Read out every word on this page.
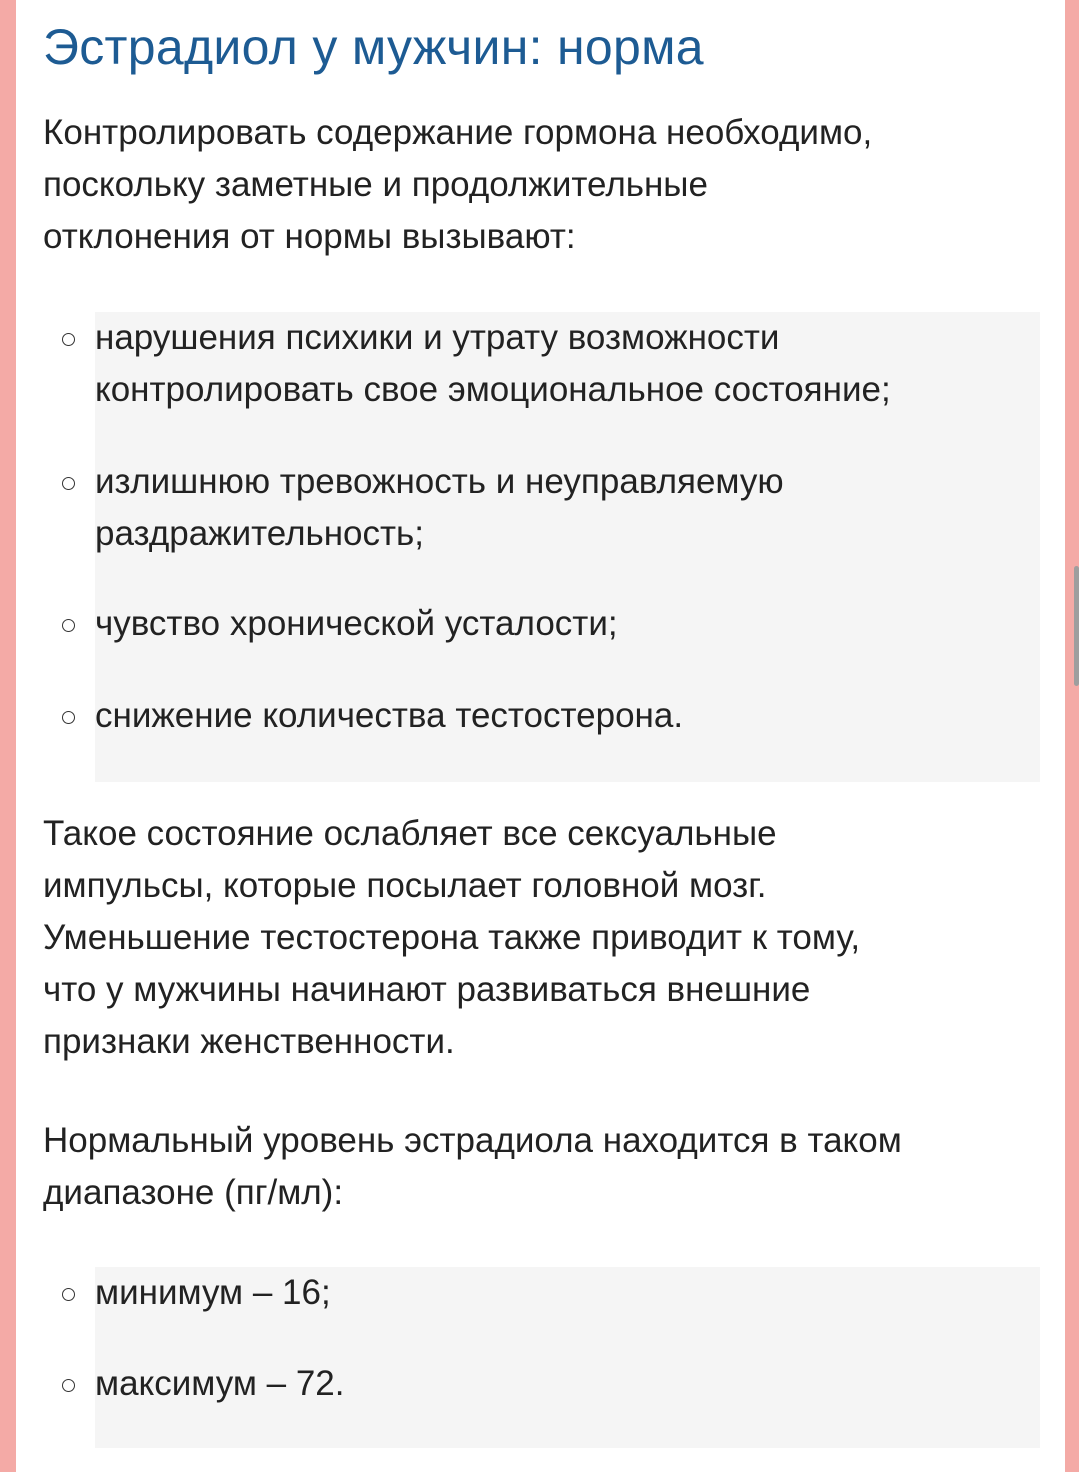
Эстрадиол у мужчин: норма

Контролировать содержание гормона необходимо,
поскольку заметные и продолжительные
отклонения от нормы вызывают:

нарушения психики и утрату возможности
контролировать свое эмоциональное состояние;
излишнюю тревожность и неуправляемую
раздражительность;
чувство хронической усталости;
снижение количества тестостерона.

Такое состояние ослабляет все сексуальные
импульсы, которые посылает головной мозг.
Уменьшение тестостерона также приводит к тому,
что у мужчины начинают развиваться внешние
признаки женственности.

Нормальный уровень эстрадиола находится в таком
диапазоне (пг/мл):

минимум – 16;
максимум – 72.
